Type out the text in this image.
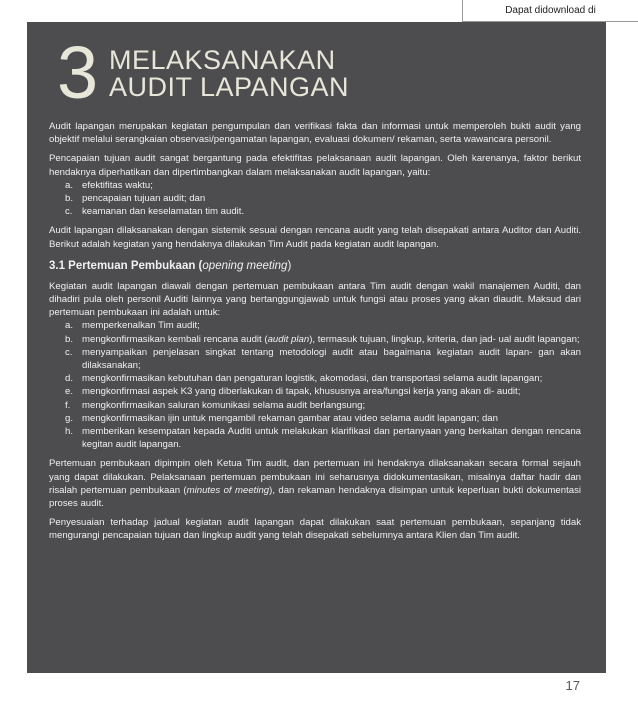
Dapat didownload di
3 MELAKSANAKAN
AUDIT LAPANGAN

Audit lapangan merupakan kegiatan pengumpulan dan verifikasi fakta dan informasi untuk memperoleh bukti audit yang objektif melalui serangkaian observasi/pengamatan lapangan, evaluasi dokumen/ rekaman, serta wawancara personil.

Pencapaian tujuan audit sangat bergantung pada efektifitas pelaksanaan audit lapangan. Oleh karenanya, faktor berikut hendaknya diperhatikan dan dipertimbangkan dalam melaksanakan audit lapangan, yaitu:

a. efektifitas waktu;
b. pencapaian tujuan audit; dan
c. keamanan dan keselamatan tim audit.

Audit lapangan dilaksanakan dengan sistemik sesuai dengan rencana audit yang telah disepakati antara Auditor dan Auditi. Berikut adalah kegiatan yang hendaknya dilakukan Tim Audit pada kegiatan audit lapangan.

3.1 Pertemuan Pembukaan (opening meeting)

Kegiatan audit lapangan diawali dengan pertemuan pembukaan antara Tim audit dengan wakil manajemen Auditi, dan dihadiri pula oleh personil Auditi lainnya yang bertanggungjawab untuk fungsi atau proses yang akan diaudit. Maksud dari pertemuan pembukaan ini adalah untuk:

a. memperkenalkan Tim audit;
b. mengkonfirmasikan kembali rencana audit (audit plan), termasuk tujuan, lingkup, kriteria, dan jad- ual audit lapangan;
c. menyampaikan penjelasan singkat tentang metodologi audit atau bagaimana kegiatan audit lapan- gan akan dilaksanakan;
d. mengkonfirmasikan kebutuhan dan pengaturan logistik, akomodasi, dan transportasi selama audit lapangan;
e. mengkonfirmasi aspek K3 yang diberlakukan di tapak, khususnya area/fungsi kerja yang akan di- audit;
f. mengkonfirmasikan saluran komunikasi selama audit berlangsung;
g. mengkonfirmasikan ijin untuk mengambil rekaman gambar atau video selama audit lapangan; dan
h. memberikan kesempatan kepada Auditi untuk melakukan klarifikasi dan pertanyaan yang berkaitan dengan rencana kegitan audit lapangan.

Pertemuan pembukaan dipimpin oleh Ketua Tim audit, dan pertemuan ini hendaknya dilaksanakan secara formal sejauh yang dapat dilakukan. Pelaksanaan pertemuan pembukaan ini seharusnya didokumentasikan, misalnya daftar hadir dan risalah pertemuan pembukaan (minutes of meeting), dan rekaman hendaknya disimpan untuk keperluan bukti dokumentasi proses audit.

Penyesuaian terhadap jadual kegiatan audit lapangan dapat dilakukan saat pertemuan pembukaan, sepanjang tidak mengurangi pencapaian tujuan dan lingkup audit yang telah disepakati sebelumnya antara Klien dan Tim audit.

17
